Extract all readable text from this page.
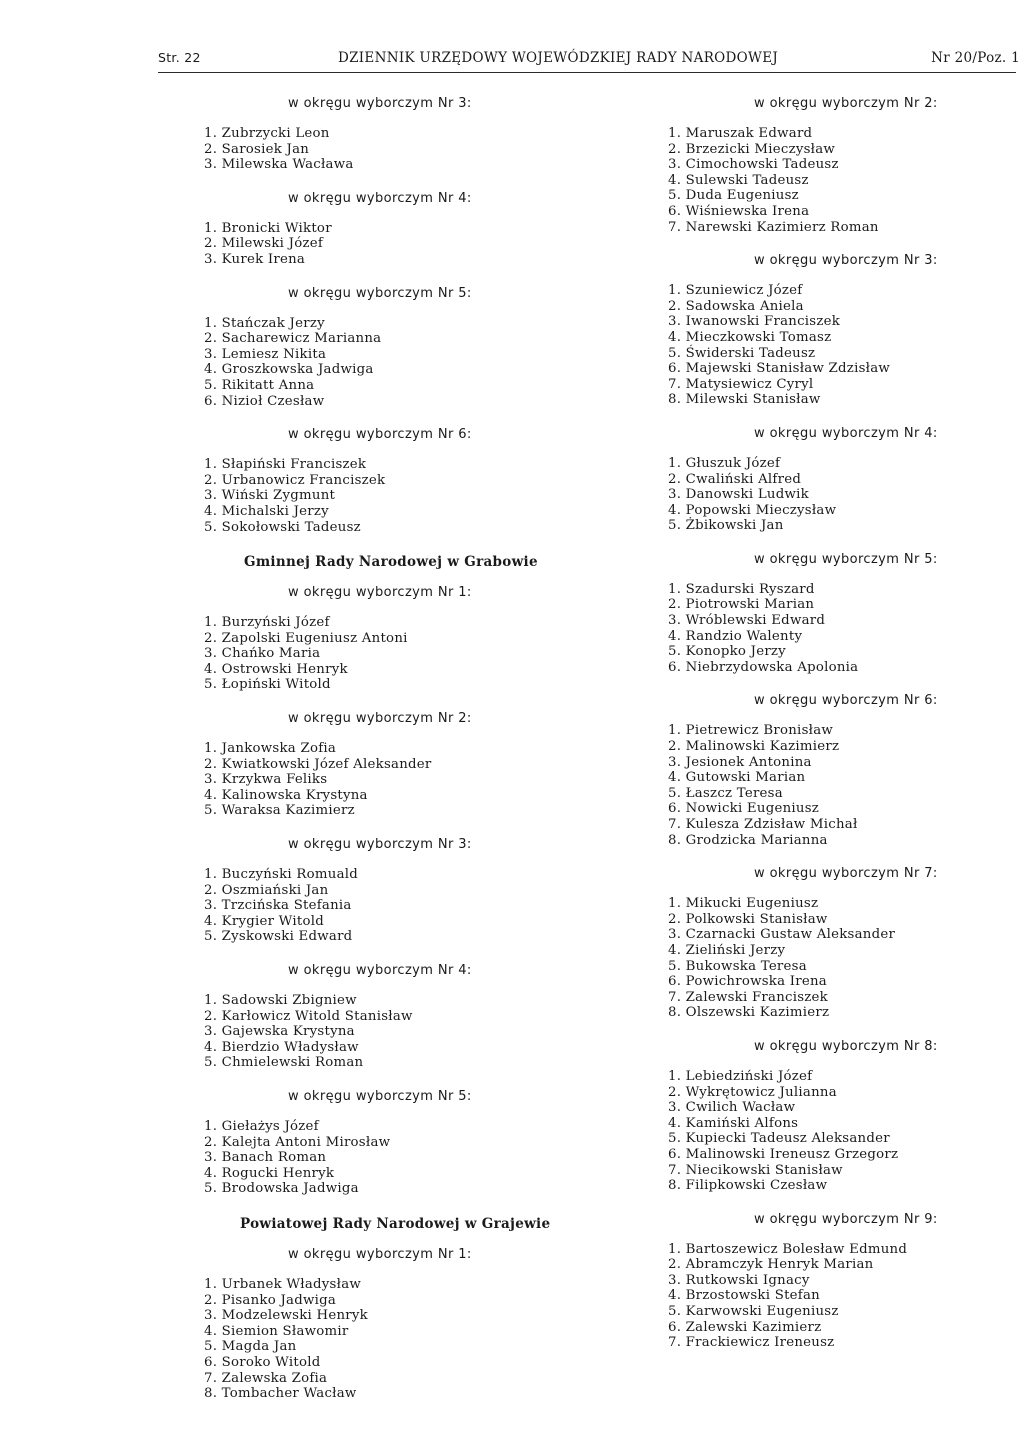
Str. 22	DZIENNIK URZĘDOWY WOJEWÓDZKIEJ RADY NARODOWEJ	Nr 20/Poz. 1
w okręgu wyborczym Nr 3:
1. Zubrzycki Leon
2. Sarosiek Jan
3. Milewska Wacława
w okręgu wyborczym Nr 4:
1. Bronicki Wiktor
2. Milewski Józef
3. Kurek Irena
w okręgu wyborczym Nr 5:
1. Stańczak Jerzy
2. Sacharewicz Marianna
3. Lemiesz Nikita
4. Groszkowska Jadwiga
5. Rikitatt Anna
6. Nizioł Czesław
w okręgu wyborczym Nr 6:
1. Słapiński Franciszek
2. Urbanowicz Franciszek
3. Wiński Zygmunt
4. Michalski Jerzy
5. Sokołowski Tadeusz
Gminnej Rady Narodowej w Grabowie
w okręgu wyborczym Nr 1:
1. Burzyński Józef
2. Zapolski Eugeniusz Antoni
3. Chańko Maria
4. Ostrowski Henryk
5. Łopiński Witold
w okręgu wyborczym Nr 2:
1. Jankowska Zofia
2. Kwiatkowski Józef Aleksander
3. Krzykwa Feliks
4. Kalinowska Krystyna
5. Waraksa Kazimierz
w okręgu wyborczym Nr 3:
1. Buczyński Romuald
2. Oszmiański Jan
3. Trzcińska Stefania
4. Krygier Witold
5. Zyskowski Edward
w okręgu wyborczym Nr 4:
1. Sadowski Zbigniew
2. Karłowicz Witold Stanisław
3. Gajewska Krystyna
4. Bierdzio Władysław
5. Chmielewski Roman
w okręgu wyborczym Nr 5:
1. Giełażys Józef
2. Kalejta Antoni Mirosław
3. Banach Roman
4. Rogucki Henryk
5. Brodowska Jadwiga
Powiatowej Rady Narodowej w Grajewie
w okręgu wyborczym Nr 1:
1. Urbanek Władysław
2. Pisanko Jadwiga
3. Modzelewski Henryk
4. Siemion Sławomir
5. Magda Jan
6. Soroko Witold
7. Zalewska Zofia
8. Tombacher Wacław
w okręgu wyborczym Nr 2:
1. Maruszak Edward
2. Brzezicki Mieczysław
3. Cimochowski Tadeusz
4. Sulewski Tadeusz
5. Duda Eugeniusz
6. Wiśniewska Irena
7. Narewski Kazimierz Roman
w okręgu wyborczym Nr 3:
1. Szuniewicz Józef
2. Sadowska Aniela
3. Iwanowski Franciszek
4. Mieczkowski Tomasz
5. Świderski Tadeusz
6. Majewski Stanisław Zdzisław
7. Matysiewicz Cyryl
8. Milewski Stanisław
w okręgu wyborczym Nr 4:
1. Głuszuk Józef
2. Cwaliński Alfred
3. Danowski Ludwik
4. Popowski Mieczysław
5. Żbikowski Jan
w okręgu wyborczym Nr 5:
1. Szadurski Ryszard
2. Piotrowski Marian
3. Wróblewski Edward
4. Randzio Walenty
5. Konopko Jerzy
6. Niebrzydowska Apolonia
w okręgu wyborczym Nr 6:
1. Pietrewicz Bronisław
2. Malinowski Kazimierz
3. Jesionek Antonina
4. Gutowski Marian
5. Łaszcz Teresa
6. Nowicki Eugeniusz
7. Kulesza Zdzisław Michał
8. Grodzicka Marianna
w okręgu wyborczym Nr 7:
1. Mikucki Eugeniusz
2. Polkowski Stanisław
3. Czarnacki Gustaw Aleksander
4. Zieliński Jerzy
5. Bukowska Teresa
6. Powichrowska Irena
7. Zalewski Franciszek
8. Olszewski Kazimierz
w okręgu wyborczym Nr 8:
1. Lebiedziński Józef
2. Wykrętowicz Julianna
3. Cwilich Wacław
4. Kamiński Alfons
5. Kupiecki Tadeusz Aleksander
6. Malinowski Ireneusz Grzegorz
7. Niecikowski Stanisław
8. Filipkowski Czesław
w okręgu wyborczym Nr 9:
1. Bartoszewicz Bolesław Edmund
2. Abramczyk Henryk Marian
3. Rutkowski Ignacy
4. Brzostowski Stefan
5. Karwowski Eugeniusz
6. Zalewski Kazimierz
7. Frackiewicz Ireneusz
